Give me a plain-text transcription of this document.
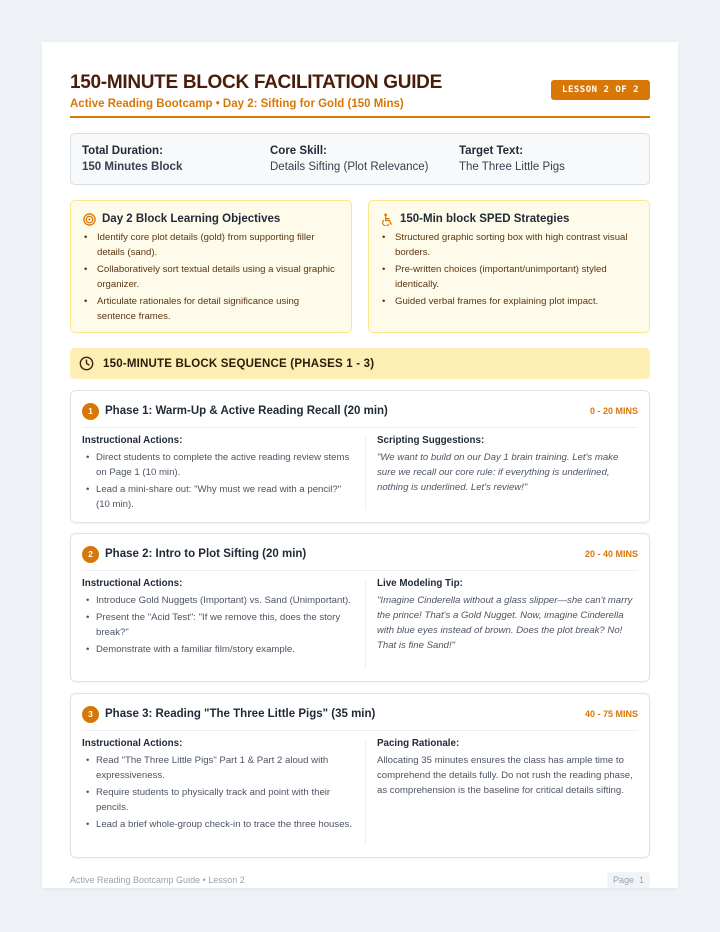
150-MINUTE BLOCK FACILITATION GUIDE
Active Reading Bootcamp • Day 2: Sifting for Gold (150 Mins)
LESSON 2 OF 2
Total Duration:
150 Minutes Block
Core Skill:
Details Sifting (Plot Relevance)
Target Text:
The Three Little Pigs
Day 2 Block Learning Objectives
• Identify core plot details (gold) from supporting filler details (sand).
• Collaboratively sort textual details using a visual graphic organizer.
• Articulate rationales for detail significance using sentence frames.
150-Min block SPED Strategies
• Structured graphic sorting box with high contrast visual borders.
• Pre-written choices (important/unimportant) styled identically.
• Guided verbal frames for explaining plot impact.
150-MINUTE BLOCK SEQUENCE (PHASES 1 - 3)
1	Phase 1: Warm-Up & Active Reading Recall (20 min)	0 - 20 MINS
Instructional Actions:
• Direct students to complete the active reading review stems on Page 1 (10 min).
• Lead a mini-share out: "Why must we read with a pencil?" (10 min).
Scripting Suggestions:
"We want to build on our Day 1 brain training. Let's make sure we recall our core rule: if everything is underlined, nothing is underlined. Let's review!"
2	Phase 2: Intro to Plot Sifting (20 min)	20 - 40 MINS
Instructional Actions:
• Introduce Gold Nuggets (Important) vs. Sand (Unimportant).
• Present the "Acid Test": "If we remove this, does the story break?"
• Demonstrate with a familiar film/story example.
Live Modeling Tip:
"Imagine Cinderella without a glass slipper—she can't marry the prince! That's a Gold Nugget. Now, imagine Cinderella with blue eyes instead of brown. Does the plot break? No! That is fine Sand!"
3	Phase 3: Reading "The Three Little Pigs" (35 min)	40 - 75 MINS
Instructional Actions:
• Read "The Three Little Pigs" Part 1 & Part 2 aloud with expressiveness.
• Require students to physically track and point with their pencils.
• Lead a brief whole-group check-in to trace the three houses.
Pacing Rationale:
Allocating 35 minutes ensures the class has ample time to comprehend the details fully. Do not rush the reading phase, as comprehension is the baseline for critical details sifting.
Active Reading Bootcamp Guide • Lesson 2	Page 1
